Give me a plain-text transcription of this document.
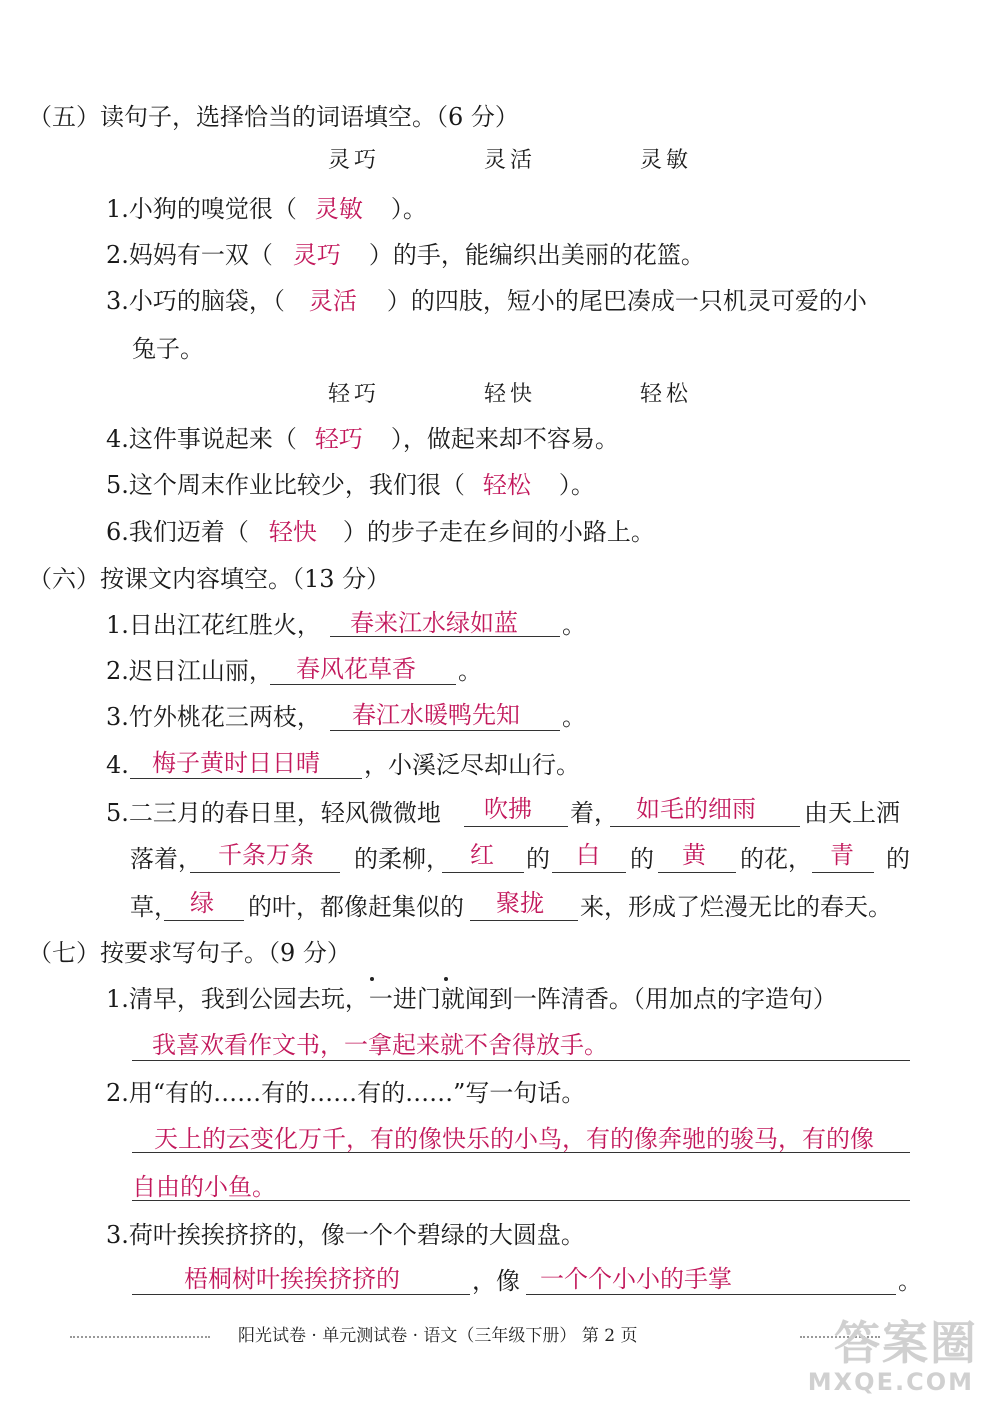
（五）读句子，选择恰当的词语填空。（6 分）
灵巧	灵活	灵敏
1.小狗的嗅觉很（ 灵敏 ）。
2.妈妈有一双（ 灵巧 ）的手，能编织出美丽的花篮。
3.小巧的脑袋，（ 灵活 ）的四肢，短小的尾巴凑成一只机灵可爱的小
兔子。
轻巧	轻快	轻松
4.这件事说起来（ 轻巧 ），做起来却不容易。
5.这个周末作业比较少，我们很（ 轻松 ）。
6.我们迈着（ 轻快 ）的步子走在乡间的小路上。
（六）按课文内容填空。（13 分）
1.日出江花红胜火， 春来江水绿如蓝 。
2.迟日江山丽， 春风花草香 。
3.竹外桃花三两枝， 春江水暖鸭先知 。
4. 梅子黄时日日晴 ，小溪泛尽却山行。
5.二三月的春日里，轻风微微地 吹拂 着， 如毛的细雨 由天上洒
落着， 千条万条 的柔柳， 红 的 白 的 黄 的花， 青 的
草， 绿 的叶，都像赶集似的 聚拢 来，形成了烂漫无比的春天。
（七）按要求写句子。（9 分）
1.清早，我到公园去玩，一进门就闻到一阵清香。（用加点的字造句）
我喜欢看作文书，一拿起来就不舍得放手。
2.用“有的……有的……有的……”写一句话。
天上的云变化万千，有的像快乐的小鸟，有的像奔驰的骏马，有的像
自由的小鱼。
3.荷叶挨挨挤挤的，像一个个碧绿的大圆盘。
梧桐树叶挨挨挤挤的	，像 一个个小小的手掌	。
阳光试卷 · 单元测试卷 · 语文（三年级下册） 第 2 页	答案圈
MXQE.COM
